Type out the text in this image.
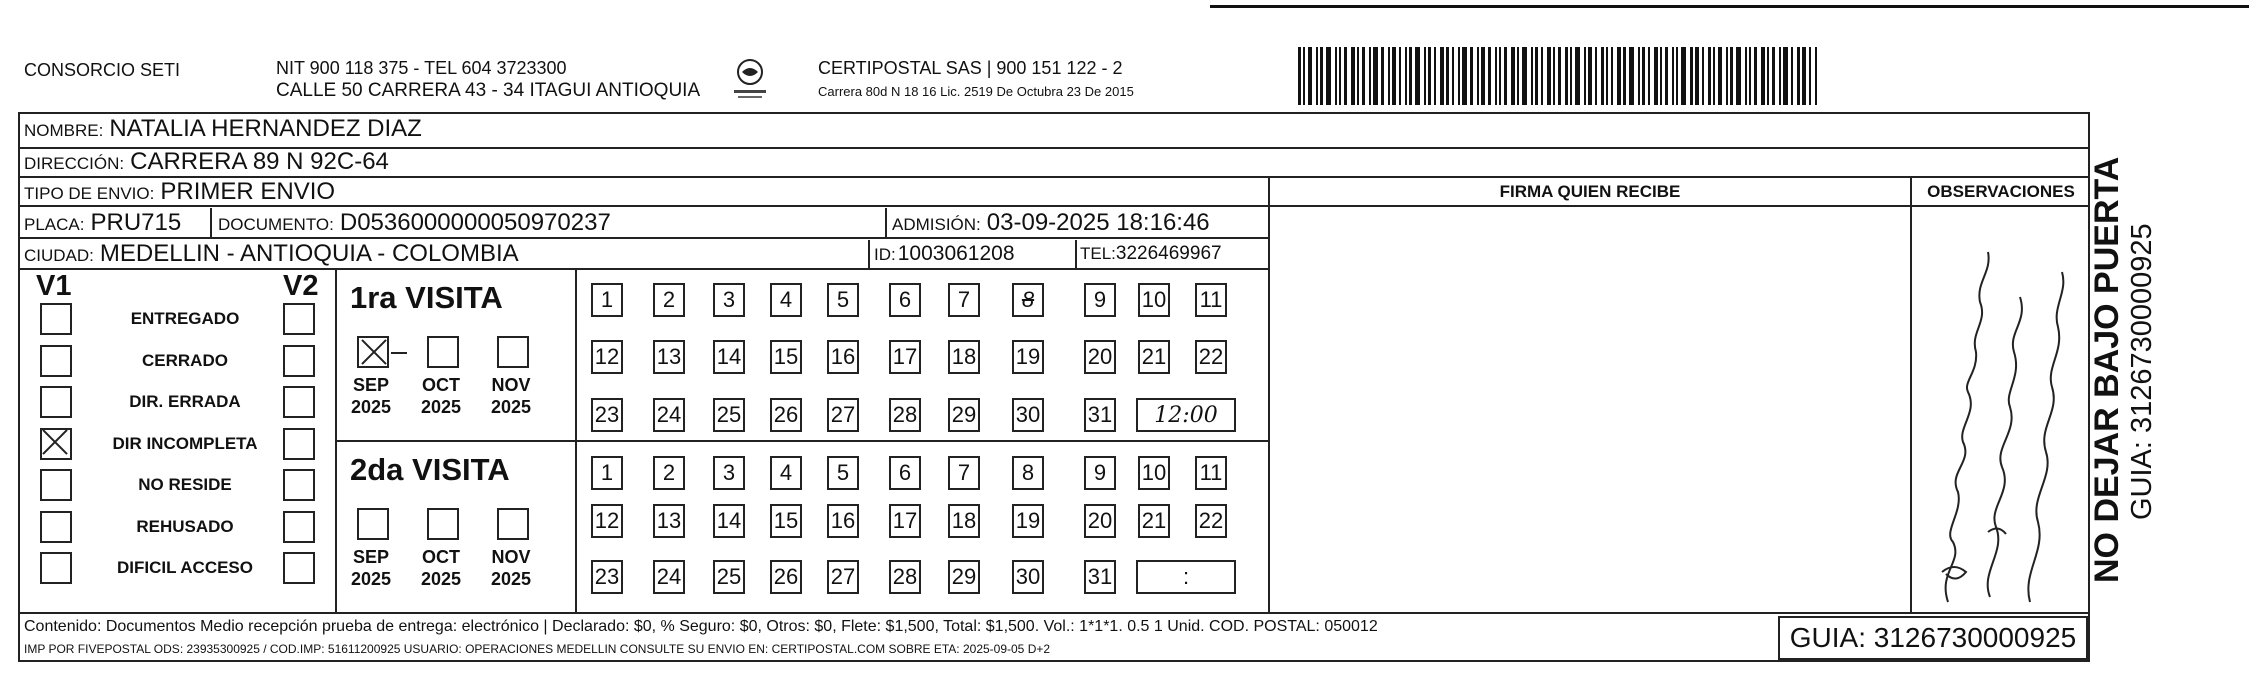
CONSORCIO SETI	NIT 900 118 375 - TEL 604 3723300
CALLE 50 CARRERA 43 - 34 ITAGUI ANTIOQUIA
CERTIPOSTAL SAS | 900 151 122 - 2
Carrera 80d N 18 16 Lic. 2519 De Octubra 23 De 2015
NOMBRE: NATALIA HERNANDEZ DIAZ
DIRECCIÓN: CARRERA 89 N 92C-64
TIPO DE ENVIO: PRIMER ENVIO
PLACA: PRU715 DOCUMENTO: D0536000000050970237	ADMISIÓN: 03-09-2025 18:16:46
CIUDAD: MEDELLIN - ANTIOQUIA - COLOMBIA	ID: 1003061208	TEL: 3226469967
FIRMA QUIEN RECIBE	OBSERVACIONES
V1	V2
ENTREGADO
CERRADO
DIR. ERRADA
DIR INCOMPLETA
NO RESIDE
REHUSADO
DIFICIL ACCESO
1ra VISITA
SEP
2025
OCT
2025
NOV
2025
1	2	3	4	5	6	7	8	9	10 11
12 13 14 15 16 17 18 19 20 21 22
23 24 25 26 27 28 29 30 31	12:00
2da VISITA
SEP
2025
OCT
2025
NOV
2025
1	2	3	4	5	6	7	8	9	10 11
12 13 14 15 16 17 18 19 20 21 22
23 24 25 26 27 28 29 30 31	:
Contenido: Documentos Medio recepción prueba de entrega: electrónico | Declarado: $0, % Seguro: $0, Otros: $0, Flete: $1,500, Total: $1,500. Vol.: 1*1*1. 0.5 1 Unid. COD. POSTAL: 050012
IMP POR FIVEPOSTAL ODS: 23935300925 / COD.IMP: 51611200925 USUARIO: OPERACIONES MEDELLIN CONSULTE SU ENVIO EN: CERTIPOSTAL.COM SOBRE ETA: 2025-09-05 D+2	GUIA: 3126730000925
NO DEJAR BAJO PUERTA GUIA: 3126730000925
